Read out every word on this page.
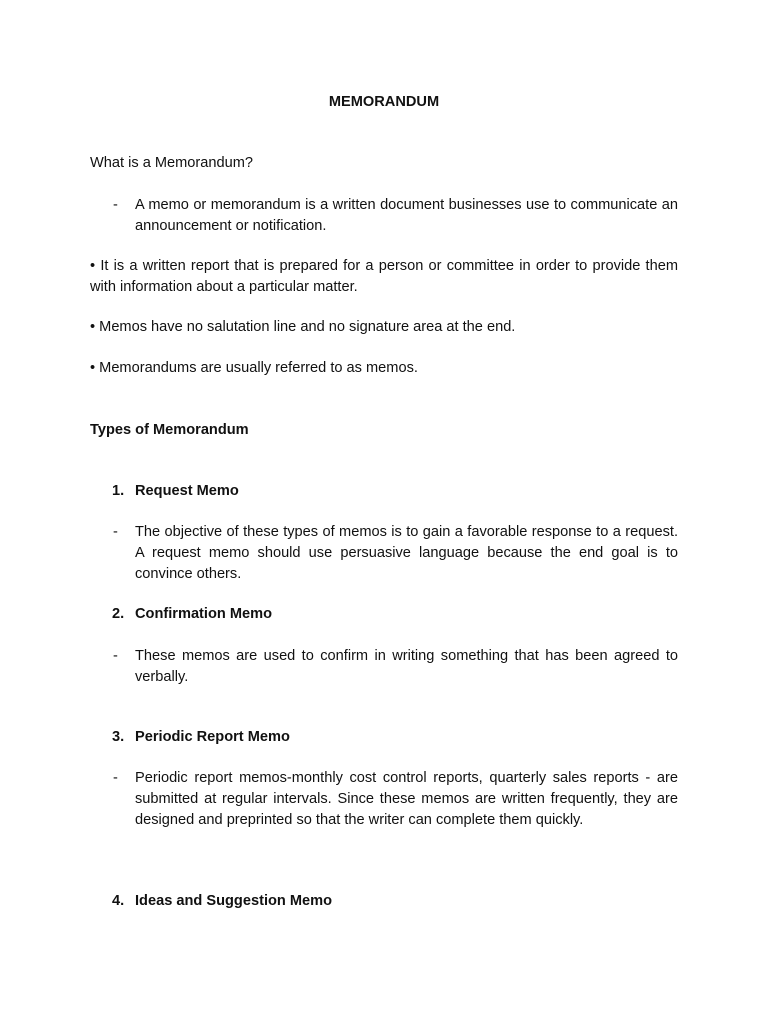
MEMORANDUM

What is a Memorandum?

- A memo or memorandum is a written document businesses use to communicate an announcement or notification.

• It is a written report that is prepared for a person or committee in order to provide them with information about a particular matter.

• Memos have no salutation line and no signature area at the end.

• Memorandums are usually referred to as memos.

Types of Memorandum

1. Request Memo
- The objective of these types of memos is to gain a favorable response to a request. A request memo should use persuasive language because the end goal is to convince others.
2. Confirmation Memo
- These memos are used to confirm in writing something that has been agreed to verbally.
3. Periodic Report Memo
- Periodic report memos-monthly cost control reports, quarterly sales reports - are submitted at regular intervals. Since these memos are written frequently, they are designed and preprinted so that the writer can complete them quickly.
4. Ideas and Suggestion Memo
